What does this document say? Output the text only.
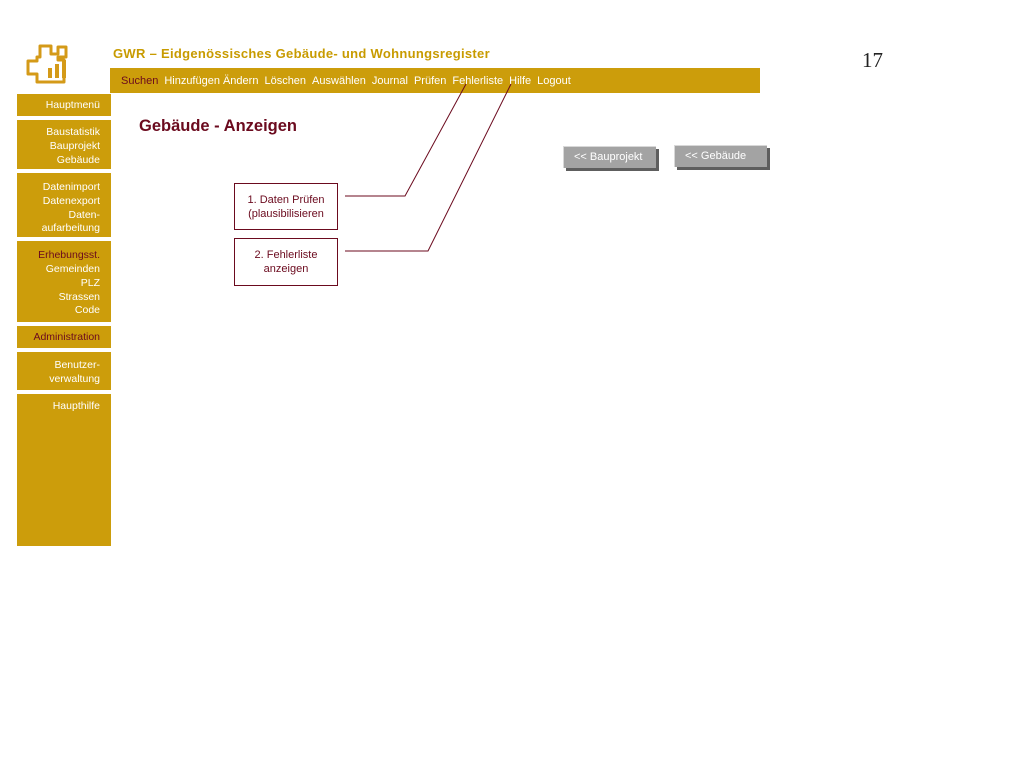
GWR – Eidgenössisches Gebäude- und Wohnungsregister	17
Suchen Hinzufügen Ändern Löschen Auswählen Journal Prüfen Fehlerliste Hilfe Logout
Hauptmenü
Baustatistik
Bauprojekt
Gebäude
Datenimport
Datenexport
Daten-
aufarbeitung
Erhebungsst.
Gemeinden
PLZ
Strassen
Code
Administration
Benutzer-
verwaltung
Haupthilfe
Gebäude - Anzeigen
<< Bauprojekt	<< Gebäude
1. Daten Prüfen
(plausibilisieren
2. Fehlerliste
anzeigen
